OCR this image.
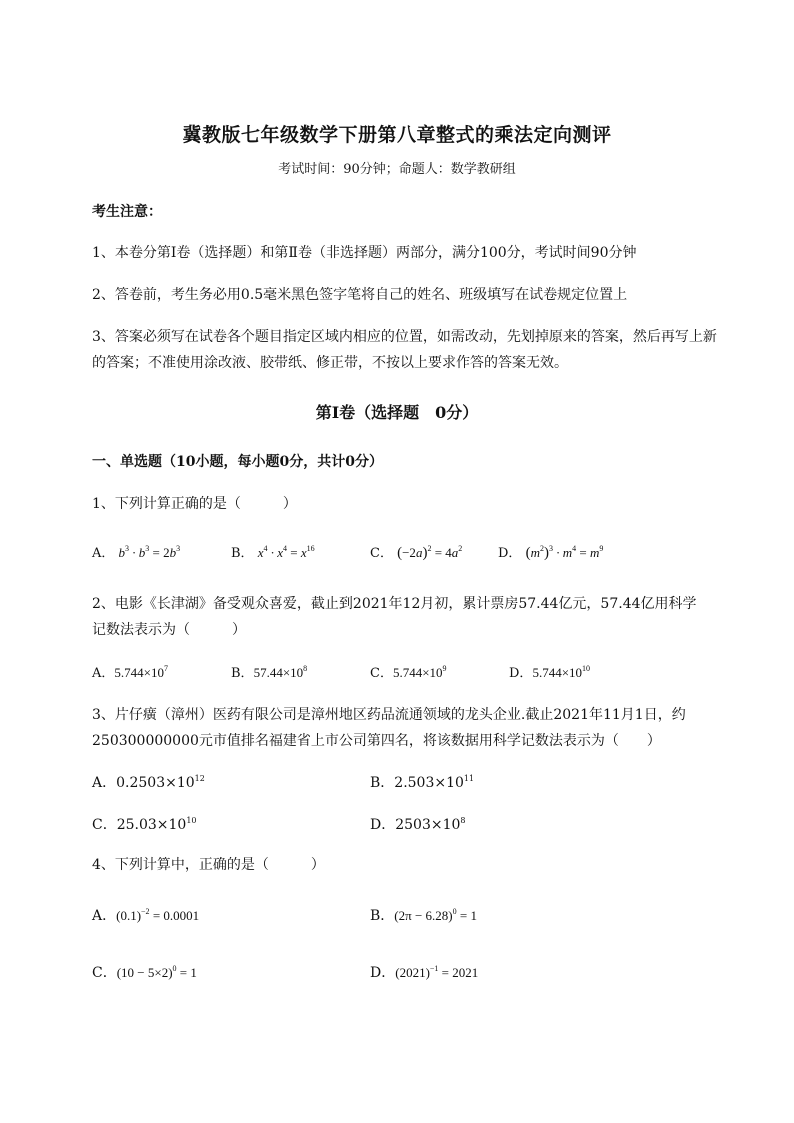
冀教版七年级数学下册第八章整式的乘法定向测评
考试时间：90分钟；命题人：数学教研组
考生注意：
1、本卷分第I卷（选择题）和第Ⅱ卷（非选择题）两部分，满分100分，考试时间90分钟
2、答卷前，考生务必用0.5毫米黑色签字笔将自己的姓名、班级填写在试卷规定位置上
3、答案必须写在试卷各个题目指定区域内相应的位置，如需改动，先划掉原来的答案，然后再写上新
的答案；不准使用涂改液、胶带纸、修正带，不按以上要求作答的答案无效。
第I卷（选择题　0分）
一、单选题（10小题，每小题0分，共计0分）
1、下列计算正确的是（　　　）
A． $b^3 \cdot b^3 = 2b^3$	B． $x^4 \cdot x^4 = x^{16}$	C． $(-2a)^2 = 4a^2$	D． $(m^2)^3 \cdot m^4 = m^9$
2、电影《长津湖》备受观众喜爱，截止到2021年12月初，累计票房57.44亿元，57.44亿用科学
记数法表示为（　　　）
A．$5.744\times 10^7$	B．$57.44\times 10^8$	C．$5.744\times 10^9$	D．$5.744\times 10^{10}$
3、片仔癀（漳州）医药有限公司是漳州地区药品流通领域的龙头企业.截止2021年11月1日，约
250300000000元市值排名福建省上市公司第四名，将该数据用科学记数法表示为（　　）
A．$0.2503\times 10^{12}$	B．$2.503\times 10^{11}$
C．$25.03\times 10^{10}$	D．$2503\times 10^8$
4、下列计算中，正确的是（　　　）
A．$(0.1)^{-2} = 0.0001$	B．$(2\pi - 6.28)^0 = 1$
C．$(10 - 5\times 2)^0 = 1$	D．$(2021)^{-1} = 2021$
